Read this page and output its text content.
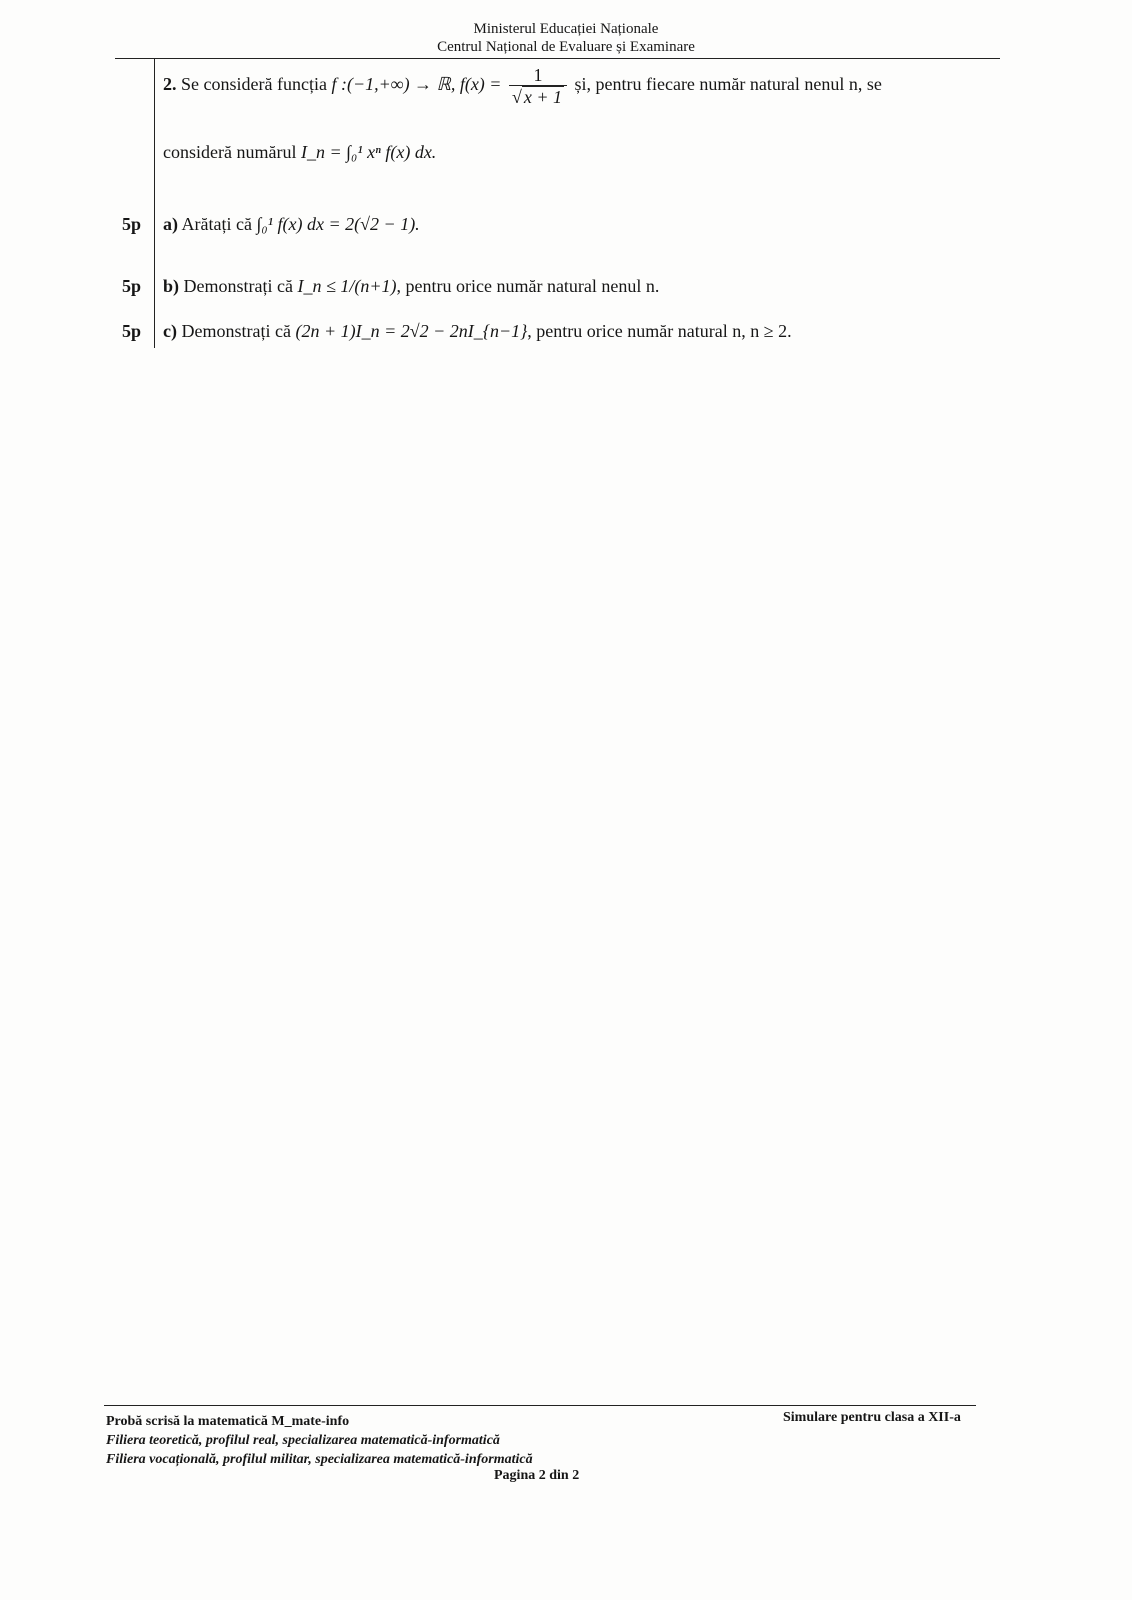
Ministerul Educației Naționale
Centrul Național de Evaluare și Examinare
2. Se consideră funcția f :(−1,+∞) → ℝ, $f(x) = \frac{1}{√ x + 1}$ și, pentru fiecare număr natural nenul n, se
consideră numărul I_n = ∫₀¹ xⁿ f(x) dx.
5p a) Arătați că ∫₀¹ f(x) dx = 2(√2 − 1).
5p b) Demonstrați că I_n ≤ 1/(n+1), pentru orice număr natural nenul n.
5p c) Demonstrați că (2n + 1)I_n = 2√2 − 2nI_{n−1}, pentru orice număr natural n, n ≥ 2.
Probă scrisă la matematică M_mate-info
Filiera teoretică, profilul real, specializarea matematică-informatică
Filiera vocațională, profilul militar, specializarea matematică-informatică
Simulare pentru clasa a XII-a
Pagina 2 din 2
